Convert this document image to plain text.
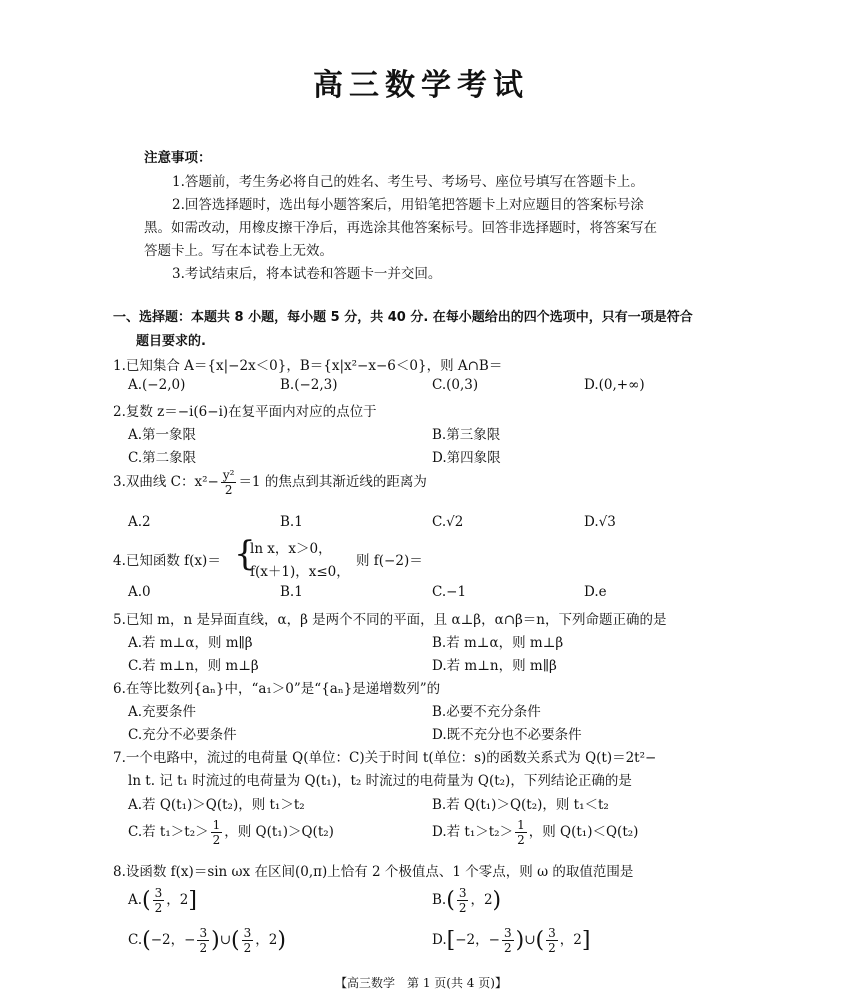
高三数学考试
注意事项：
1.答题前，考生务必将自己的姓名、考生号、考场号、座位号填写在答题卡上。
2.回答选择题时，选出每小题答案后，用铅笔把答题卡上对应题目的答案标号涂
黑。如需改动，用橡皮擦干净后，再选涂其他答案标号。回答非选择题时，将答案写在
答题卡上。写在本试卷上无效。
3.考试结束后，将本试卷和答题卡一并交回。
一、选择题：本题共 8 小题，每小题 5 分，共 40 分. 在每小题给出的四个选项中，只有一项是符合
题目要求的.
1.已知集合 A＝{x|−2x＜0}，B＝{x|x²−x−6＜0}，则 A∩B＝
A.(−2,0)	B.(−2,3)	C.(0,3)	D.(0,+∞)
2.复数 z＝−i(6−i)在复平面内对应的点位于
A.第一象限	B.第三象限
C.第二象限	D.第四象限
3.双曲线 C：$x^2- \frac{\text{y²}}{2} =1$ 的焦点到其渐近线的距离为
A.2	B.1	C.√2	D.√3
4.已知函数 f(x)＝ {
ln x，x＞0，
f(x＋1)，x≤0，
则 f(−2)＝
A.0	B.1	C.−1	D.e
5.已知 m，n 是异面直线，α，β 是两个不同的平面，且 α⊥β，α∩β＝n，下列命题正确的是
A.若 m⊥α，则 m∥β	B.若 m⊥α，则 m⊥β
C.若 m⊥n，则 m⊥β	D.若 m⊥n，则 m∥β
6.在等比数列{aₙ}中，“a₁＞0”是“{aₙ}是递增数列”的
A.充要条件	B.必要不充分条件
C.充分不必要条件	D.既不充分也不必要条件
7.一个电路中，流过的电荷量 Q(单位：C)关于时间 t(单位：s)的函数关系式为 Q(t)＝2t²−
ln t. 记 t₁ 时流过的电荷量为 Q(t₁)，t₂ 时流过的电荷量为 Q(t₂)，下列结论正确的是
A.若 Q(t₁)＞Q(t₂)，则 t₁＞t₂	B.若 Q(t₁)＞Q(t₂)，则 t₁＜t₂
C.若 $t_1>t_2> \frac{1}{2}$ ，则 Q(t₁)＞Q(t₂)	D.若 $t_1>t_2> \frac{1}{2}$ ，则 Q(t₁)＜Q(t₂)
8.设函数 f(x)＝sin ωx 在区间(0,π)上恰有 2 个极值点、1 个零点，则 ω 的取值范围是
$A.( \frac{3}{2}$ ，2]	$B.( \frac{3}{2}$ ，2)
C.(−2，− $\frac{3}{2}$ )∪( $\frac{3}{2}$ ，2)	D.[−2，− $\frac{3}{2}$ )∪( $\frac{3}{2}$ ，2]
【高三数学　第 1 页(共 4 页)】
